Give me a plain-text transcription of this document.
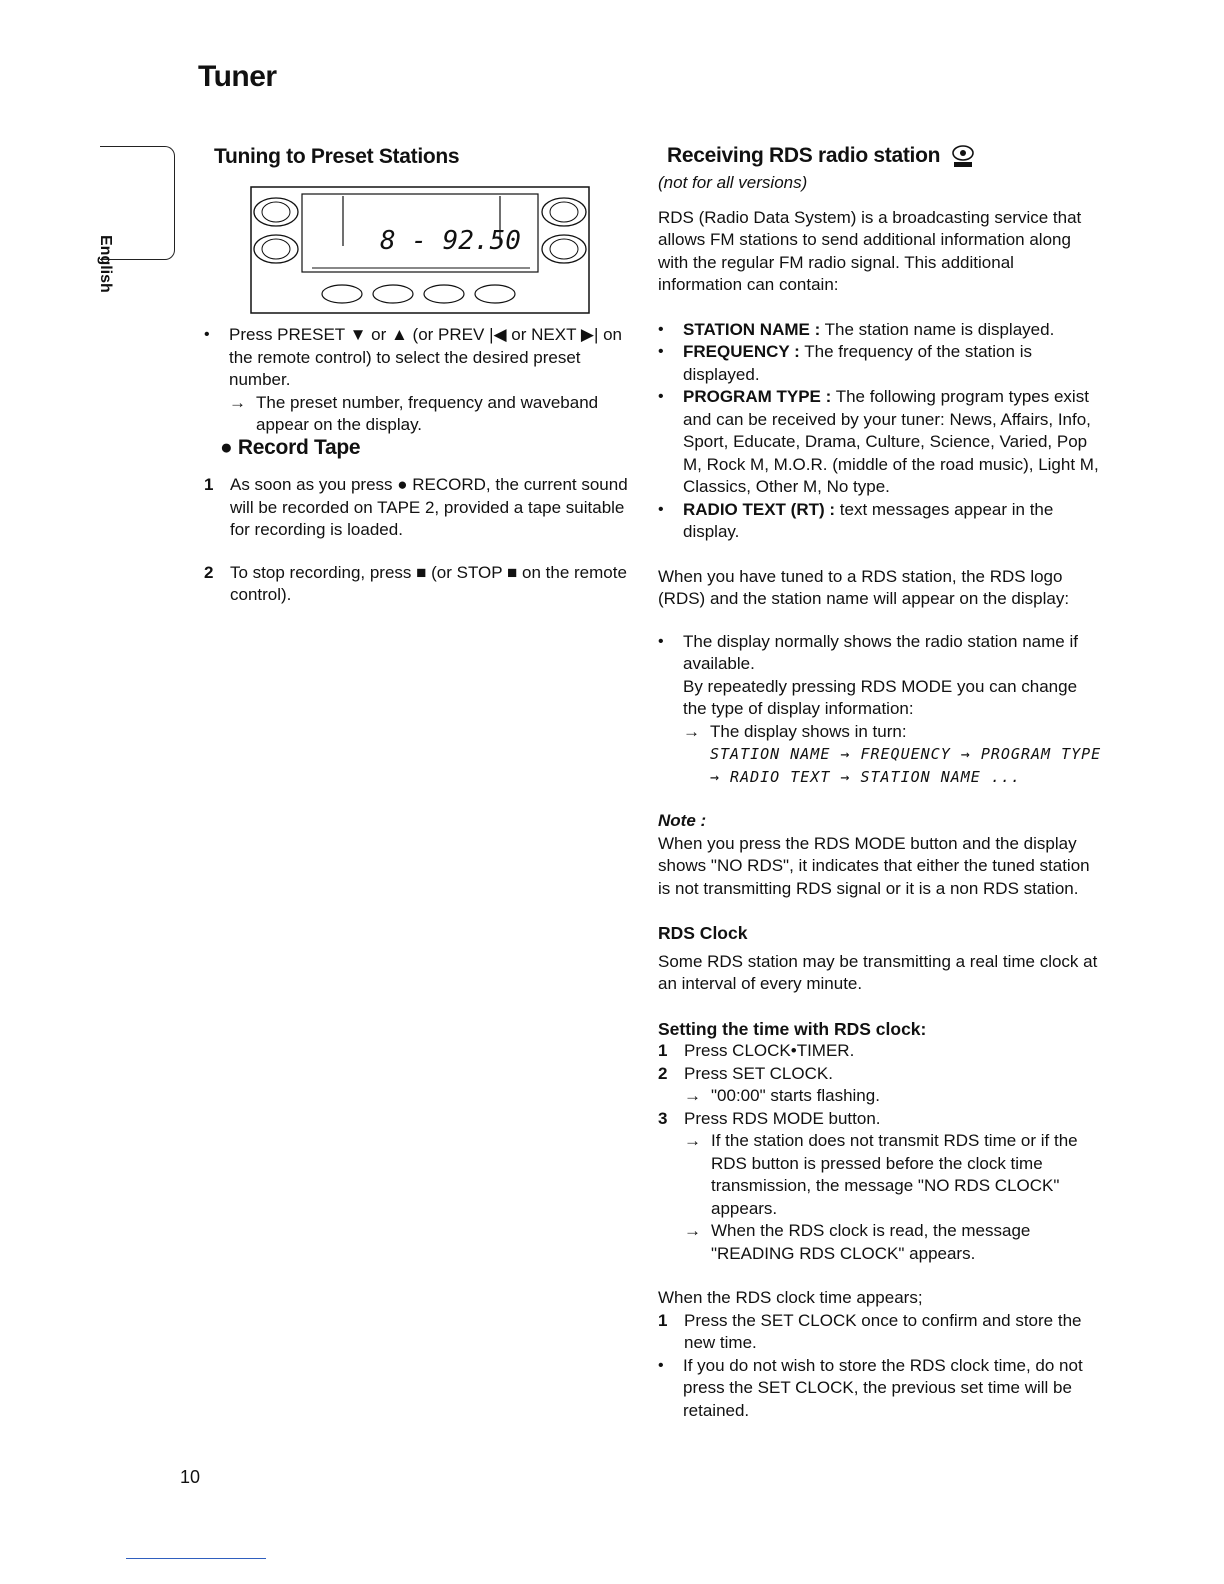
Tuner
English
Tuning to Preset Stations
8 - 92.50

• Press PRESET ▼ or ▲ (or PREV |◀ or NEXT ▶| on the remote control) to select the desired preset number.

→ The preset number, frequency and waveband appear on the display.

● Record Tape

1 As soon as you press ● RECORD, the current sound will be recorded on TAPE 2, provided a tape suitable for recording is loaded.

2 To stop recording, press ■ (or STOP ■ on the remote control).

Receiving RDS radio station

(not for all versions)

RDS (Radio Data System) is a broadcasting service that allows FM stations to send additional information along with the regular FM radio signal. This additional information can contain:

• STATION NAME : The station name is displayed.

• FREQUENCY : The frequency of the station is displayed.

• PROGRAM TYPE : The following program types exist and can be received by your tuner: News, Affairs, Info, Sport, Educate, Drama, Culture, Science, Varied, Pop M, Rock M, M.O.R. (middle of the road music), Light M, Classics, Other M, No type.

• RADIO TEXT (RT) : text messages appear in the display.

When you have tuned to a RDS station, the RDS logo (RDS) and the station name will appear on the display:

• The display normally shows the radio station name if available.

By repeatedly pressing RDS MODE you can change the type of display information:

→ The display shows in turn:

STATION NAME → FREQUENCY → PROGRAM TYPE → RADIO TEXT → STATION NAME ...

Note :

When you press the RDS MODE button and the display shows "NO RDS", it indicates that either the tuned station is not transmitting RDS signal or it is a non RDS station.

RDS Clock

Some RDS station may be transmitting a real time clock at an interval of every minute.

Setting the time with RDS clock:

1 Press CLOCK•TIMER.

2 Press SET CLOCK.

→ "00:00" starts flashing.

3 Press RDS MODE button.

→ If the station does not transmit RDS time or if the RDS button is pressed before the clock time transmission, the message "NO RDS CLOCK" appears.

→ When the RDS clock is read, the message "READING RDS CLOCK" appears.

When the RDS clock time appears;

1 Press the SET CLOCK once to confirm and store the new time.

• If you do not wish to store the RDS clock time, do not press the SET CLOCK, the previous set time will be retained.

10
